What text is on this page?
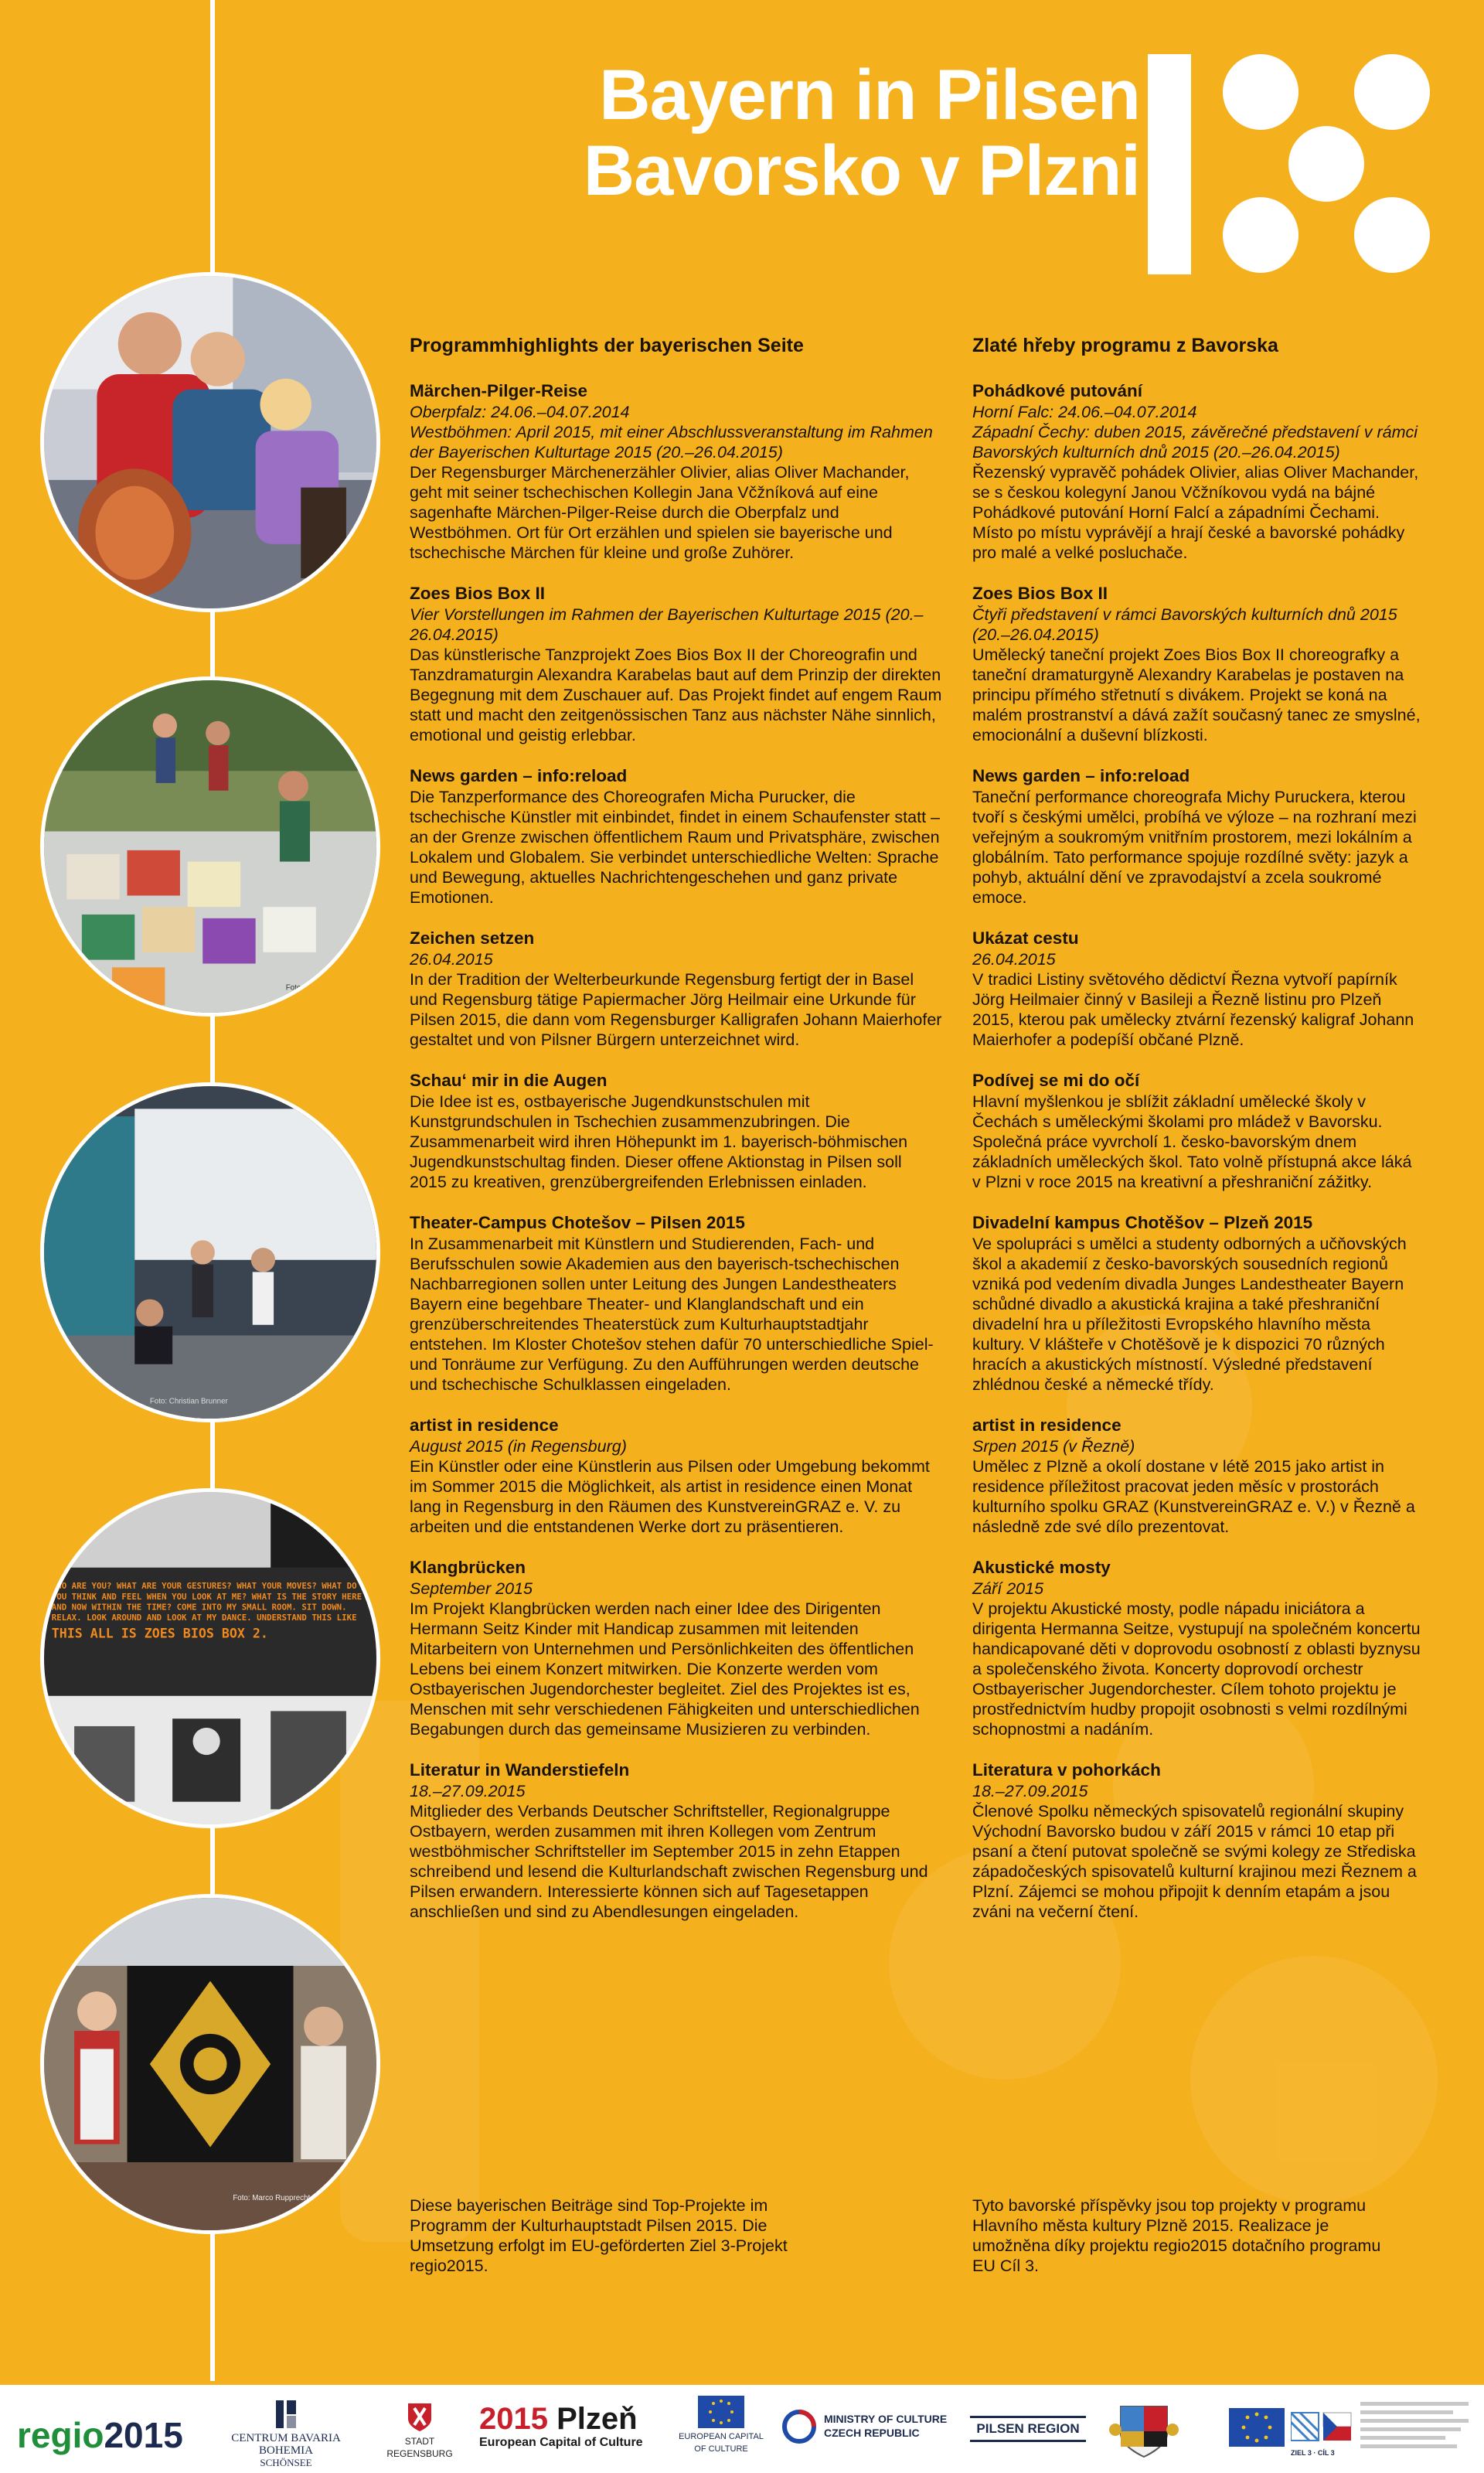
Bayern in Pilsen
Bavorsko v Plzni
Foto: Richard Kaplan
Foto: Christian Brunner
WHO ARE YOU? WHAT ARE YOUR GESTURES? WHAT YOUR MOVES? WHAT DO YOU THINK AND FEEL WHEN YOU LOOK AT ME? WHAT IS THE STORY HERE AND NOW WITHIN THE TIME? COME INTO MY SMALL ROOM. SIT DOWN. RELAX. LOOK AROUND AND LOOK AT MY DANCE. UNDERSTAND THIS LIKE
THIS ALL IS ZOES BIOS BOX 2.
Foto: Marco Rupprecht
Programmhighlights der bayerischen Seite

Märchen-Pilger-Reise

Oberpfalz: 24.06.–04.07.2014
Westböhmen: April 2015, mit einer Abschlussveranstaltung im Rahmen der Bayerischen Kulturtage 2015 (20.–26.04.2015)

Der Regensburger Märchenerzähler Olivier, alias Oliver Machander, geht mit seiner tschechischen Kollegin Jana Včžníková auf eine sagenhafte Märchen-Pilger-Reise durch die Oberpfalz und Westböhmen. Ort für Ort erzählen und spielen sie bayerische und tschechische Märchen für kleine und große Zuhörer.

Zoes Bios Box II

Vier Vorstellungen im Rahmen der Bayerischen Kulturtage 2015 (20.–26.04.2015)

Das künstlerische Tanzprojekt Zoes Bios Box II der Choreografin und Tanzdramaturgin Alexandra Karabelas baut auf dem Prinzip der direkten Begegnung mit dem Zuschauer auf. Das Projekt findet auf engem Raum statt und macht den zeitgenössischen Tanz aus nächster Nähe sinnlich, emotional und geistig erlebbar.

News garden – info:reload

Die Tanzperformance des Choreografen Micha Purucker, die tschechische Künstler mit einbindet, findet in einem Schaufenster statt – an der Grenze zwischen öffentlichem Raum und Privatsphäre, zwischen Lokalem und Globalem. Sie verbindet unterschiedliche Welten: Sprache und Bewegung, aktuelles Nachrichtengeschehen und ganz private Emotionen.

Zeichen setzen

26.04.2015

In der Tradition der Welterbeurkunde Regensburg fertigt der in Basel und Regensburg tätige Papiermacher Jörg Heilmair eine Urkunde für Pilsen 2015, die dann vom Regensburger Kalligrafen Johann Maierhofer gestaltet und von Pilsner Bürgern unterzeichnet wird.

Schau‘ mir in die Augen

Die Idee ist es, ostbayerische Jugendkunstschulen mit Kunstgrundschulen in Tschechien zusammenzubringen. Die Zusammenarbeit wird ihren Höhepunkt im 1. bayerisch-böhmischen Jugendkunstschultag finden. Dieser offene Aktionstag in Pilsen soll 2015 zu kreativen, grenzübergreifenden Erlebnissen einladen.

Theater-Campus Chotešov – Pilsen 2015

In Zusammenarbeit mit Künstlern und Studierenden, Fach- und Berufsschulen sowie Akademien aus den bayerisch-tschechischen Nachbarregionen sollen unter Leitung des Jungen Landestheaters Bayern eine begehbare Theater- und Klanglandschaft und ein grenzüberschreitendes Theaterstück zum Kulturhauptstadtjahr entstehen. Im Kloster Chotešov stehen dafür 70 unterschiedliche Spiel- und Tonräume zur Verfügung. Zu den Aufführungen werden deutsche und tschechische Schulklassen eingeladen.

artist in residence

August 2015 (in Regensburg)

Ein Künstler oder eine Künstlerin aus Pilsen oder Umgebung bekommt im Sommer 2015 die Möglichkeit, als artist in residence einen Monat lang in Regensburg in den Räumen des KunstvereinGRAZ e. V. zu arbeiten und die entstandenen Werke dort zu präsentieren.

Klangbrücken

September 2015

Im Projekt Klangbrücken werden nach einer Idee des Dirigenten Hermann Seitz Kinder mit Handicap zusammen mit leitenden Mitarbeitern von Unternehmen und Persönlichkeiten des öffentlichen Lebens bei einem Konzert mitwirken. Die Konzerte werden vom Ostbayerischen Jugendorchester begleitet. Ziel des Projektes ist es, Menschen mit sehr verschiedenen Fähigkeiten und unterschiedlichen Begabungen durch das gemeinsame Musizieren zu verbinden.

Literatur in Wanderstiefeln

18.–27.09.2015

Mitglieder des Verbands Deutscher Schriftsteller, Regionalgruppe Ostbayern, werden zusammen mit ihren Kollegen vom Zentrum westböhmischer Schriftsteller im September 2015 in zehn Etappen schreibend und lesend die Kulturlandschaft zwischen Regensburg und Pilsen erwandern. Interessierte können sich auf Tagesetappen anschließen und sind zu Abendlesungen eingeladen.

Zlaté hřeby programu z Bavorska

Pohádkové putování

Horní Falc: 24.06.–04.07.2014
Západní Čechy: duben 2015, závěrečné představení v rámci Bavorských kulturních dnů 2015 (20.–26.04.2015)

Řezenský vypravěč pohádek Olivier, alias Oliver Machander, se s českou kolegyní Janou Včžníkovou vydá na bájné Pohádkové putování Horní Falcí a západními Čechami. Místo po místu vyprávějí a hrají české a bavorské pohádky pro malé a velké posluchače.

Zoes Bios Box II

Čtyři představení v rámci Bavorských kulturních dnů 2015 (20.–26.04.2015)

Umělecký taneční projekt Zoes Bios Box II choreografky a taneční dramaturgyně Alexandry Karabelas je postaven na principu přímého střetnutí s divákem. Projekt se koná na malém prostranství a dává zažít současný tanec ze smyslné, emocionální a duševní blízkosti.

News garden – info:reload

Taneční performance choreografa Michy Puruckera, kterou tvoří s českými umělci, probíhá ve výloze – na rozhraní mezi veřejným a soukromým vnitřním prostorem, mezi lokálním a globálním. Tato performance spojuje rozdílné světy: jazyk a pohyb, aktuální dění ve zpravodajství a zcela soukromé emoce.

Ukázat cestu

26.04.2015

V tradici Listiny světového dědictví Řezna vytvoří papírník Jörg Heilmaier činný v Basileji a Řezně listinu pro Plzeň 2015, kterou pak umělecky ztvární řezenský kaligraf Johann Maierhofer a podepíší občané Plzně.

Podívej se mi do očí

Hlavní myšlenkou je sblížit základní umělecké školy v Čechách s uměleckými školami pro mládež v Bavorsku. Společná práce vyvrcholí 1. česko-bavorským dnem základních uměleckých škol. Tato volně přístupná akce láká v Plzni v roce 2015 na kreativní a přeshraniční zážitky.

Divadelní kampus Chotěšov – Plzeň 2015

Ve spolupráci s umělci a studenty odborných a učňovských škol a akademií z česko-bavorských sousedních regionů vzniká pod vedením divadla Junges Landestheater Bayern schůdné divadlo a akustická krajina a také přeshraniční divadelní hra u příležitosti Evropského hlavního města kultury. V klášteře v Chotěšově je k dispozici 70 různých hracích a akustických místností. Výsledné představení zhlédnou české a německé třídy.

artist in residence

Srpen 2015 (v Řezně)

Umělec z Plzně a okolí dostane v létě 2015 jako artist in residence příležitost pracovat jeden měsíc v prostorách kulturního spolku GRAZ (KunstvereinGRAZ e. V.) v Řezně a následně zde své dílo prezentovat.

Akustické mosty

Září 2015

V projektu Akustické mosty, podle nápadu iniciátora a dirigenta Hermanna Seitze, vystupují na společném koncertu handicapované děti v doprovodu osobností z oblasti byznysu a společenského života. Koncerty doprovodí orchestr Ostbayerischer Jugendorchester. Cílem tohoto projektu je prostřednictvím hudby propojit osobnosti s velmi rozdílnými schopnostmi a nadáním.

Literatura v pohorkách

18.–27.09.2015

Členové Spolku německých spisovatelů regionální skupiny Východní Bavorsko budou v září 2015 v rámci 10 etap při psaní a čtení putovat společně se svými kolegy ze Střediska západočeských spisovatelů kulturní krajinou mezi Řeznem a Plzní. Zájemci se mohou připojit k denním etapám a jsou zváni na večerní čtení.

Diese bayerischen Beiträge sind Top-Projekte im Programm der Kulturhauptstadt Pilsen 2015. Die Umsetzung erfolgt im EU-geförderten Ziel 3-Projekt regio2015.

Tyto bavorské příspěvky jsou top projekty v programu Hlavního města kultury Plzně 2015. Realizace je umožněna díky projektu regio2015 dotačního programu EU Cíl 3.

regio2015	CENTRUM BAVARIA BOHEMIA
SCHÖNSEE
STADT
REGENSBURG
2015 Plzeň
European Capital of Culture	EUROPEAN CAPITAL
OF CULTURE
MINISTRY OF CULTURE
CZECH REPUBLIC	PILSEN REGION
ZIEL 3 · CÍL 3
